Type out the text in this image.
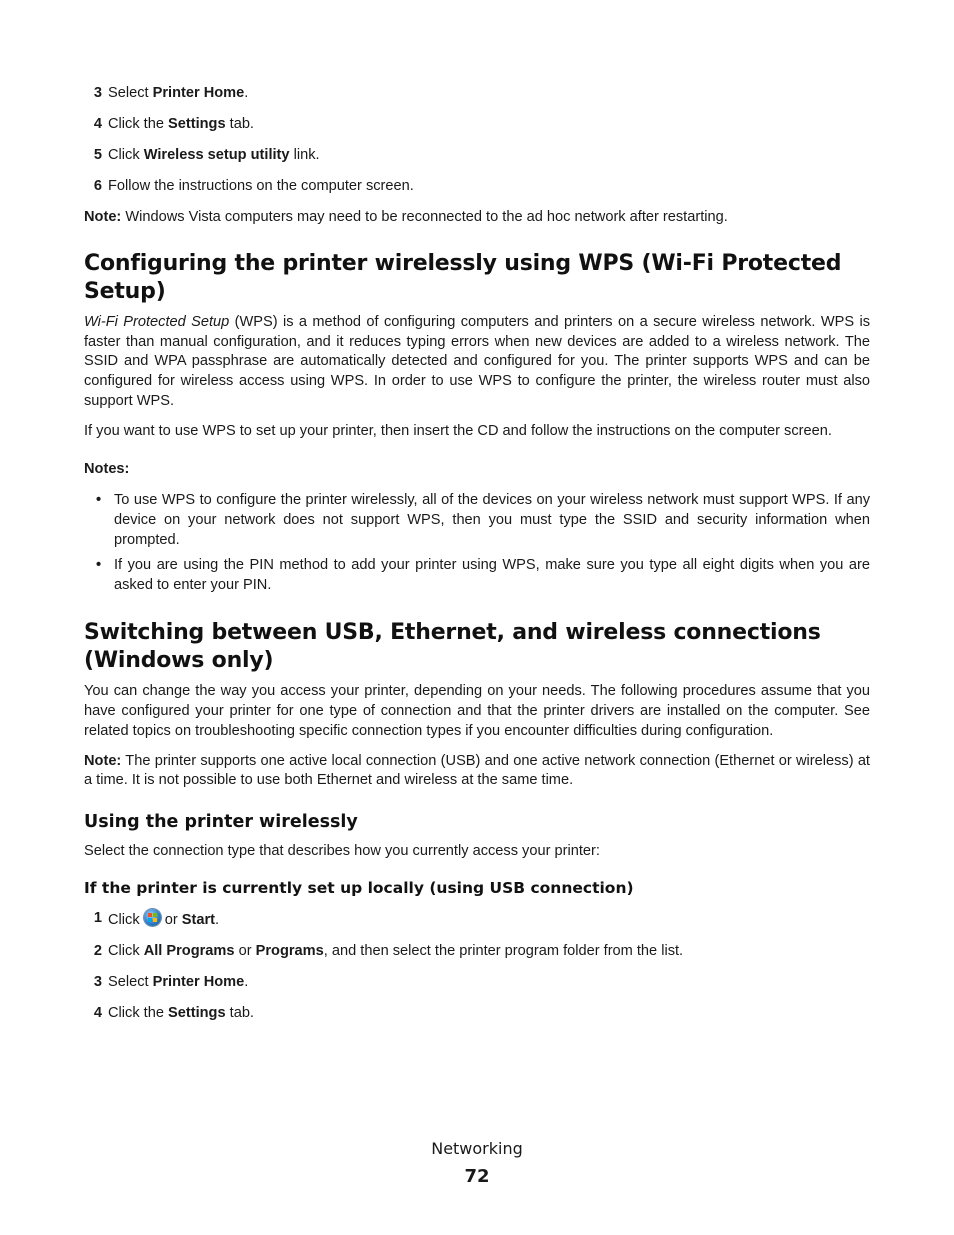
3 Select Printer Home.
4 Click the Settings tab.
5 Click Wireless setup utility link.
6 Follow the instructions on the computer screen.

Note: Windows Vista computers may need to be reconnected to the ad hoc network after restarting.

Configuring the printer wirelessly using WPS (Wi-Fi Protected Setup)

Wi-Fi Protected Setup (WPS) is a method of configuring computers and printers on a secure wireless network. WPS is faster than manual configuration, and it reduces typing errors when new devices are added to a wireless network. The SSID and WPA passphrase are automatically detected and configured for you. The printer supports WPS and can be configured for wireless access using WPS. In order to use WPS to configure the printer, the wireless router must also support WPS.

If you want to use WPS to set up your printer, then insert the CD and follow the instructions on the computer screen.

Notes:
• To use WPS to configure the printer wirelessly, all of the devices on your wireless network must support WPS. If any device on your network does not support WPS, then you must type the SSID and security information when prompted.
• If you are using the PIN method to add your printer using WPS, make sure you type all eight digits when you are asked to enter your PIN.
Switching between USB, Ethernet, and wireless connections (Windows only)

You can change the way you access your printer, depending on your needs. The following procedures assume that you have configured your printer for one type of connection and that the printer drivers are installed on the computer. See related topics on troubleshooting specific connection types if you encounter difficulties during configuration.

Note: The printer supports one active local connection (USB) and one active network connection (Ethernet or wireless) at a time. It is not possible to use both Ethernet and wireless at the same time.

Using the printer wirelessly

Select the connection type that describes how you currently access your printer:

If the printer is currently set up locally (using USB connection)
1 Click
or Start.
2 Click All Programs or Programs, and then select the printer program folder from the list.
3 Select Printer Home.
4 Click the Settings tab.
Networking
72
